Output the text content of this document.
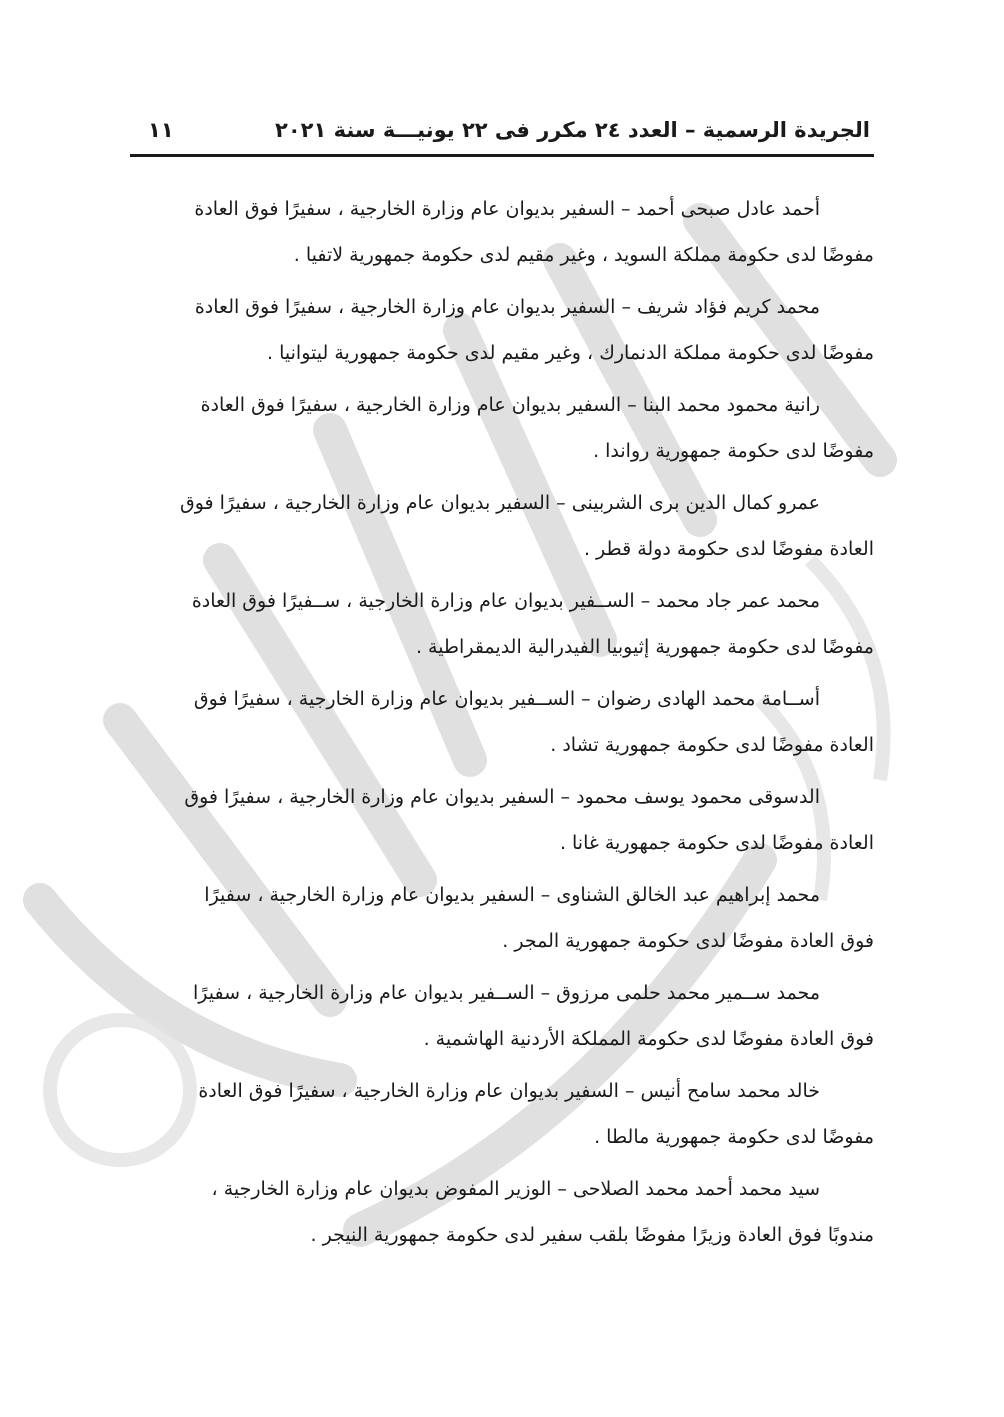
الجريدة الرسمية – العدد ٢٤ مكرر فى ٢٢ يونيـــة سنة ٢٠٢١
١١
أحمد عادل صبحى أحمد – السفير بديوان عام وزارة الخارجية ، سفيرًا فوق العادة
مفوضًا لدى حكومة مملكة السويد ، وغير مقيم لدى حكومة جمهورية لاتفيا .
محمد كريم فؤاد شريف – السفير بديوان عام وزارة الخارجية ، سفيرًا فوق العادة
مفوضًا لدى حكومة مملكة الدنمارك ، وغير مقيم لدى حكومة جمهورية ليتوانيا .
رانية محمود محمد البنا – السفير بديوان عام وزارة الخارجية ، سفيرًا فوق العادة
مفوضًا لدى حكومة جمهورية رواندا .
عمرو كمال الدين برى الشربينى – السفير بديوان عام وزارة الخارجية ، سفيرًا فوق
العادة مفوضًا لدى حكومة دولة قطر .
محمد عمر جاد محمد – الســفير بديوان عام وزارة الخارجية ، ســفيرًا فوق العادة
مفوضًا لدى حكومة جمهورية إثيوبيا الفيدرالية الديمقراطية .
أســامة محمد الهادى رضوان – الســفير بديوان عام وزارة الخارجية ، سفيرًا فوق
العادة مفوضًا لدى حكومة جمهورية تشاد .
الدسوقى محمود يوسف محمود – السفير بديوان عام وزارة الخارجية ، سفيرًا فوق
العادة مفوضًا لدى حكومة جمهورية غانا .
محمد إبراهيم عبد الخالق الشناوى – السفير بديوان عام وزارة الخارجية ، سفيرًا
فوق العادة مفوضًا لدى حكومة جمهورية المجر .
محمد ســمير محمد حلمى مرزوق – الســفير بديوان عام وزارة الخارجية ، سفيرًا
فوق العادة مفوضًا لدى حكومة المملكة الأردنية الهاشمية .
خالد محمد سامح أنيس – السفير بديوان عام وزارة الخارجية ، سفيرًا فوق العادة
مفوضًا لدى حكومة جمهورية مالطا .
سيد محمد أحمد محمد الصلاحى – الوزير المفوض بديوان عام وزارة الخارجية ،
مندوبًا فوق العادة وزيرًا مفوضًا بلقب سفير لدى حكومة جمهورية النيجر .
